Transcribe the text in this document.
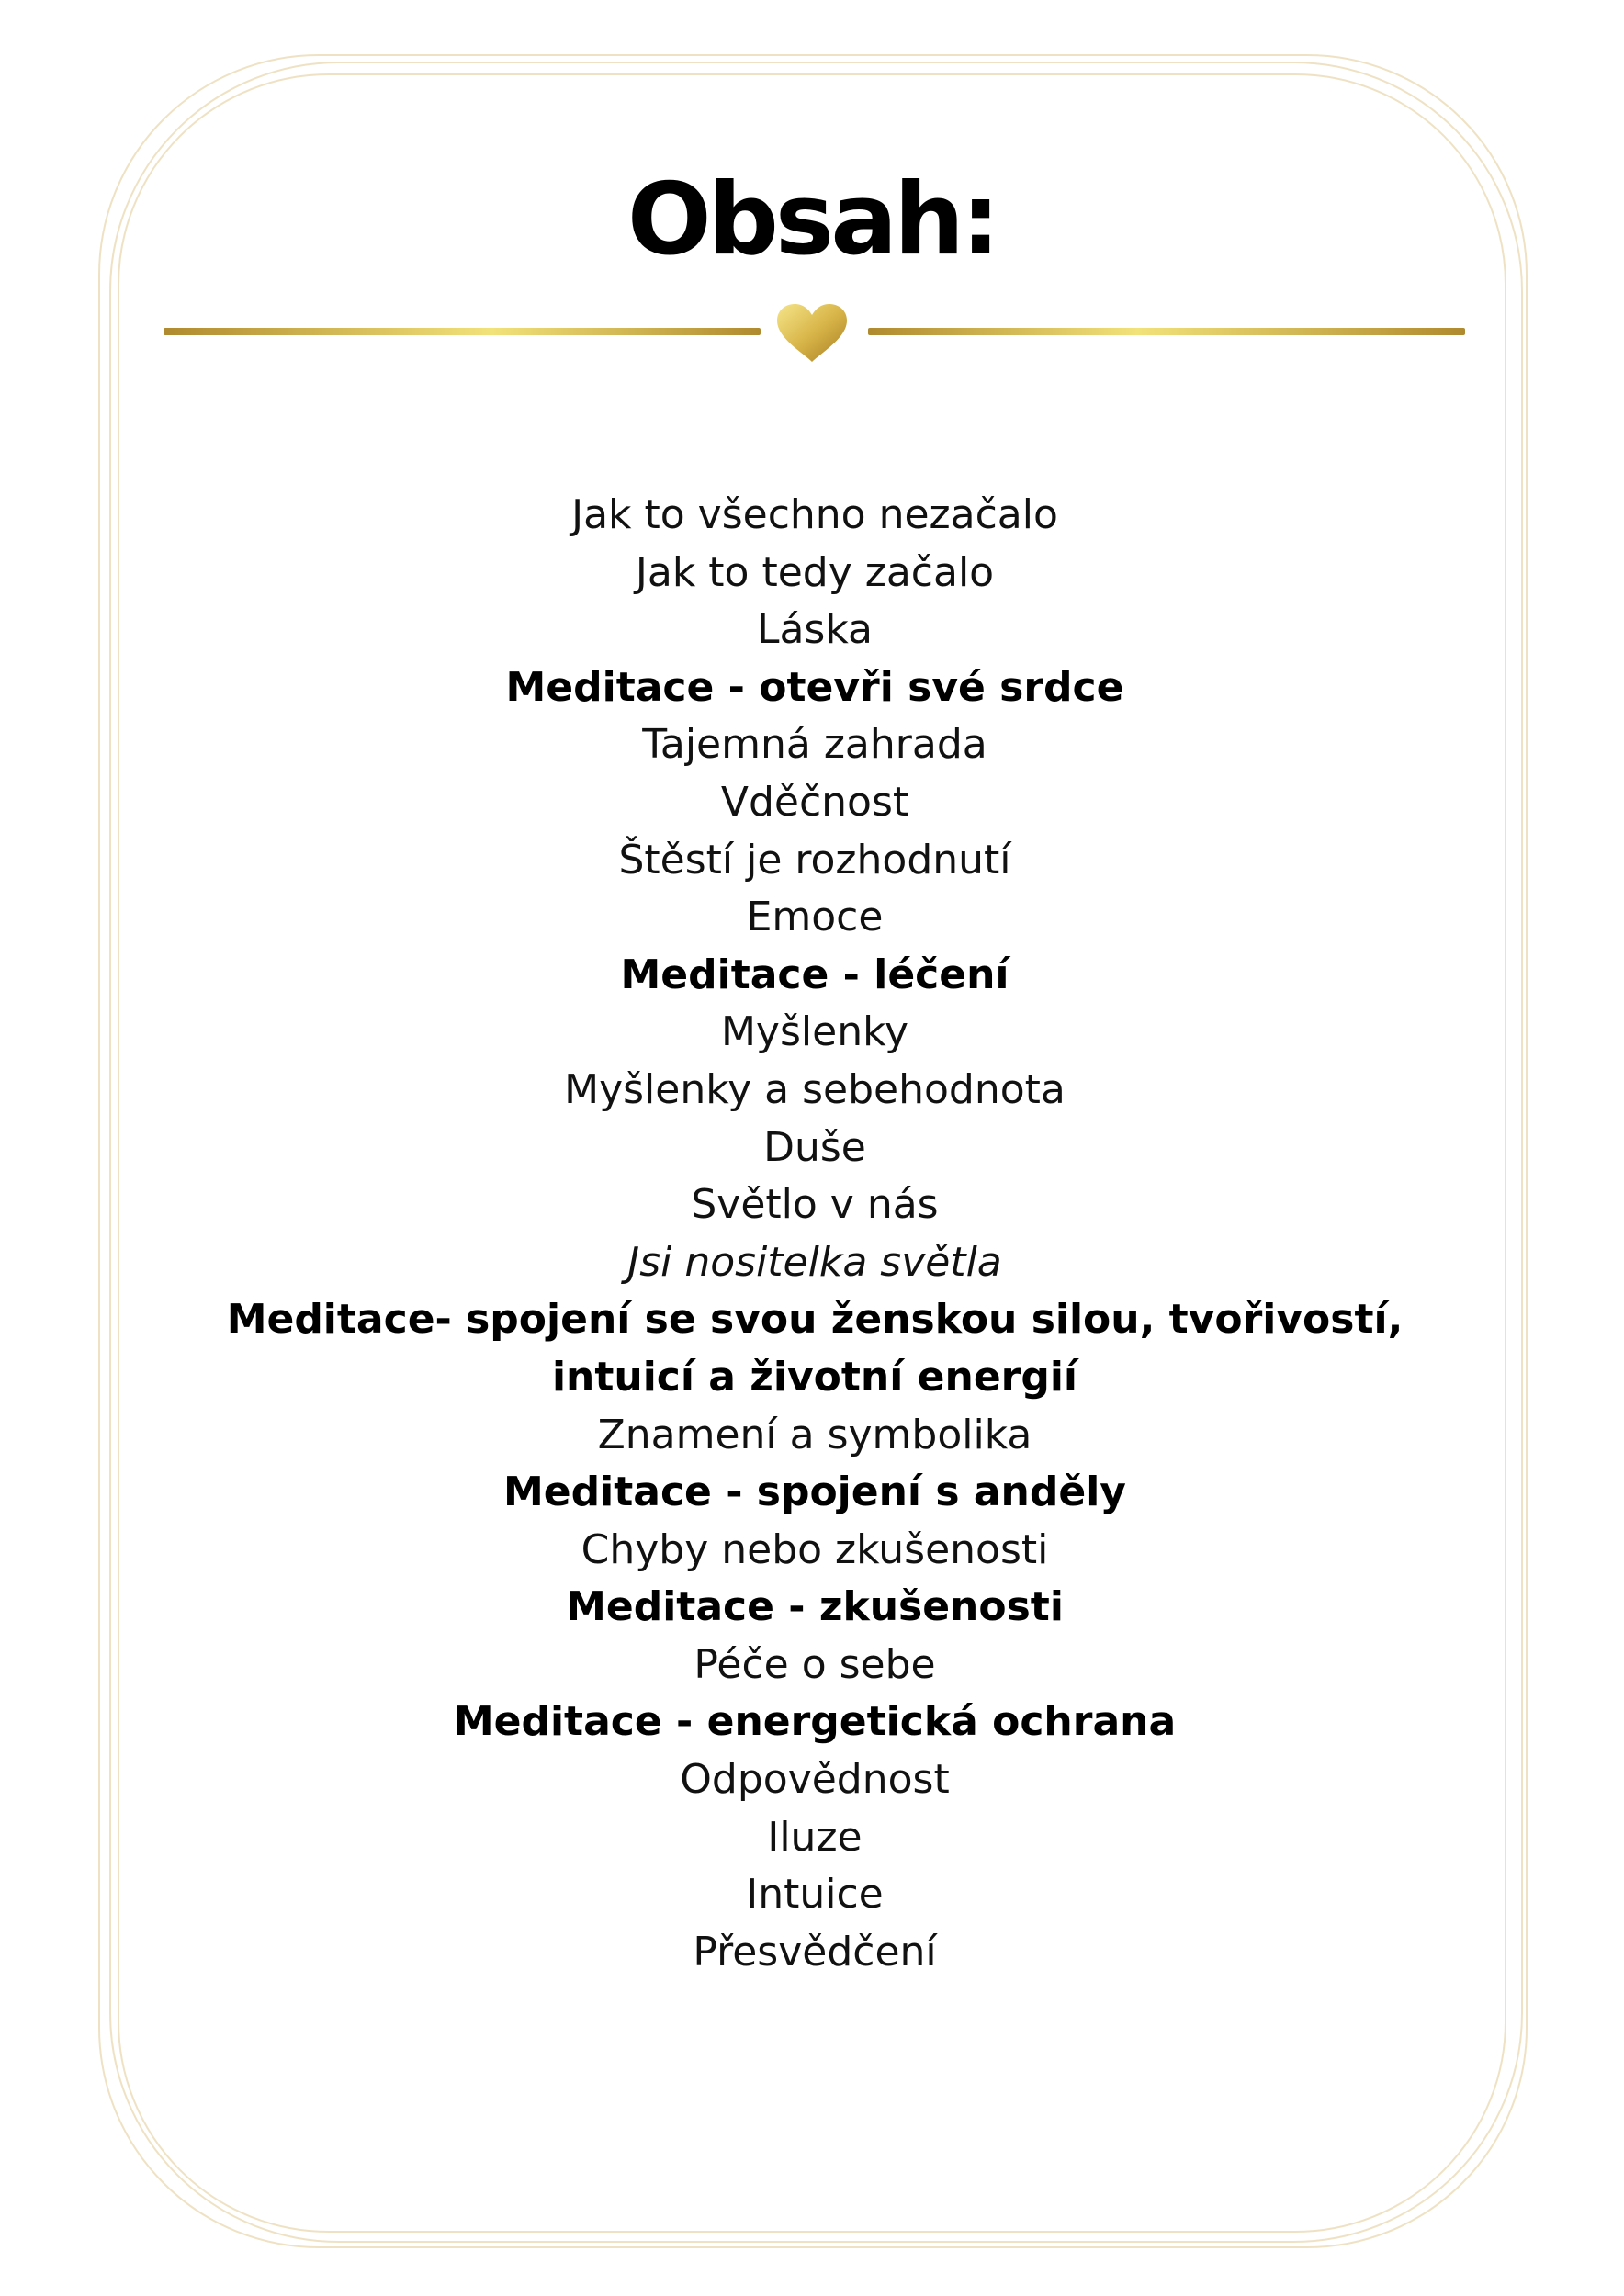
Obsah:
Jak to všechno nezačalo
Jak to tedy začalo
Láska
Meditace - otevři své srdce
Tajemná zahrada
Vděčnost
Štěstí je rozhodnutí
Emoce
Meditace - léčení
Myšlenky
Myšlenky a sebehodnota
Duše
Světlo v nás
Jsi nositelka světla
Meditace- spojení se svou ženskou silou, tvořivostí, intuicí a životní energií
Znamení a symbolika
Meditace - spojení s anděly
Chyby nebo zkušenosti
Meditace - zkušenosti
Péče o sebe
Meditace - energetická ochrana
Odpovědnost
Iluze
Intuice
Přesvědčení
